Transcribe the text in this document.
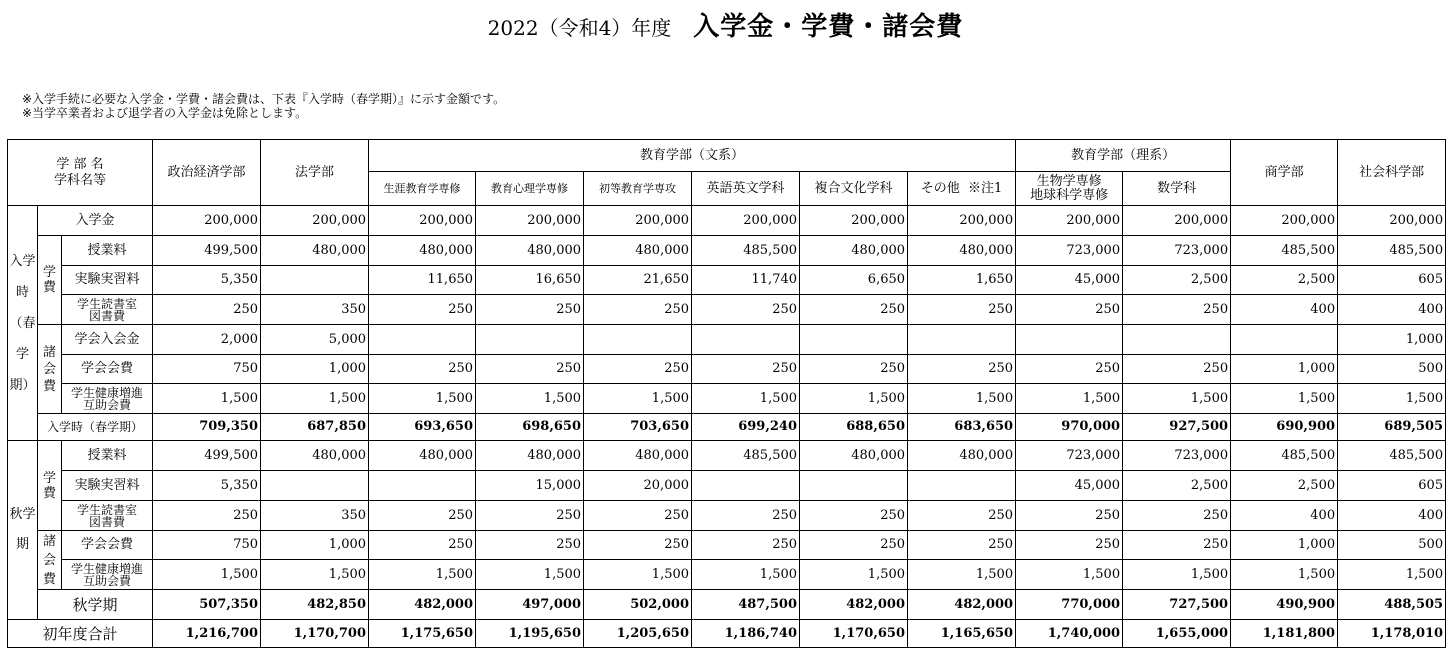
2022（令和4）年度 入学金・学費・諸会費
※入学手続に必要な入学金・学費・諸会費は、下表『入学時（春学期）』に示す金額です。
※当学卒業者および退学者の入学金は免除とします。
学 部 名
学科名等			政治経済学部	法学部	教育学部（文系）						教育学部（理系）		商学部	社会科学部
					生涯教育学専修	教育心理学専修	初等教育学専攻	英語英文学科	複合文化学科	その他 ※注1	生物学専修
地球科学専修	数学科		
入学時（春学期）	入学金		200,000	200,000	200,000	200,000	200,000	200,000	200,000	200,000	200,000	200,000	200,000	200,000
	学費	授業料	499,500	480,000	480,000	480,000	480,000	485,500	480,000	480,000	723,000	723,000	485,500	485,500
		実験実習料	5,350		11,650	16,650	21,650	11,740	6,650	1,650	45,000	2,500	2,500	605

		学生読書室
図書費	250	350	250	250	250	250	250	250	250	250	400	400
	諸会費	学会入会金	2,000	5,000										1,000
		学会会費	750	1,000	250	250	250	250	250	250	250	250	1,000	500

		学生健康増進
互助会費	1,500	1,500	1,500	1,500	1,500	1,500	1,500	1,500	1,500	1,500	1,500	1,500
	入学時（春学期）		709,350	687,850	693,650	698,650	703,650	699,240	688,650	683,650	970,000	927,500	690,900	689,505
秋学期	学費	授業料	499,500	480,000	480,000	480,000	480,000	485,500	480,000	480,000	723,000	723,000	485,500	485,500
		実験実習料	5,350			15,000	20,000				45,000	2,500	2,500	605

		学生読書室
図書費	250	350	250	250	250	250	250	250	250	250	400	400
	諸会費	学会会費	750	1,000	250	250	250	250	250	250	250	250	1,000	500

		学生健康増進
互助会費	1,500	1,500	1,500	1,500	1,500	1,500	1,500	1,500	1,500	1,500	1,500	1,500
	秋学期		507,350	482,850	482,000	497,000	502,000	487,500	482,000	482,000	770,000	727,500	490,900	488,505
初年度合計			1,216,700	1,170,700	1,175,650	1,195,650	1,205,650	1,186,740	1,170,650	1,165,650	1,740,000	1,655,000	1,181,800	1,178,010
